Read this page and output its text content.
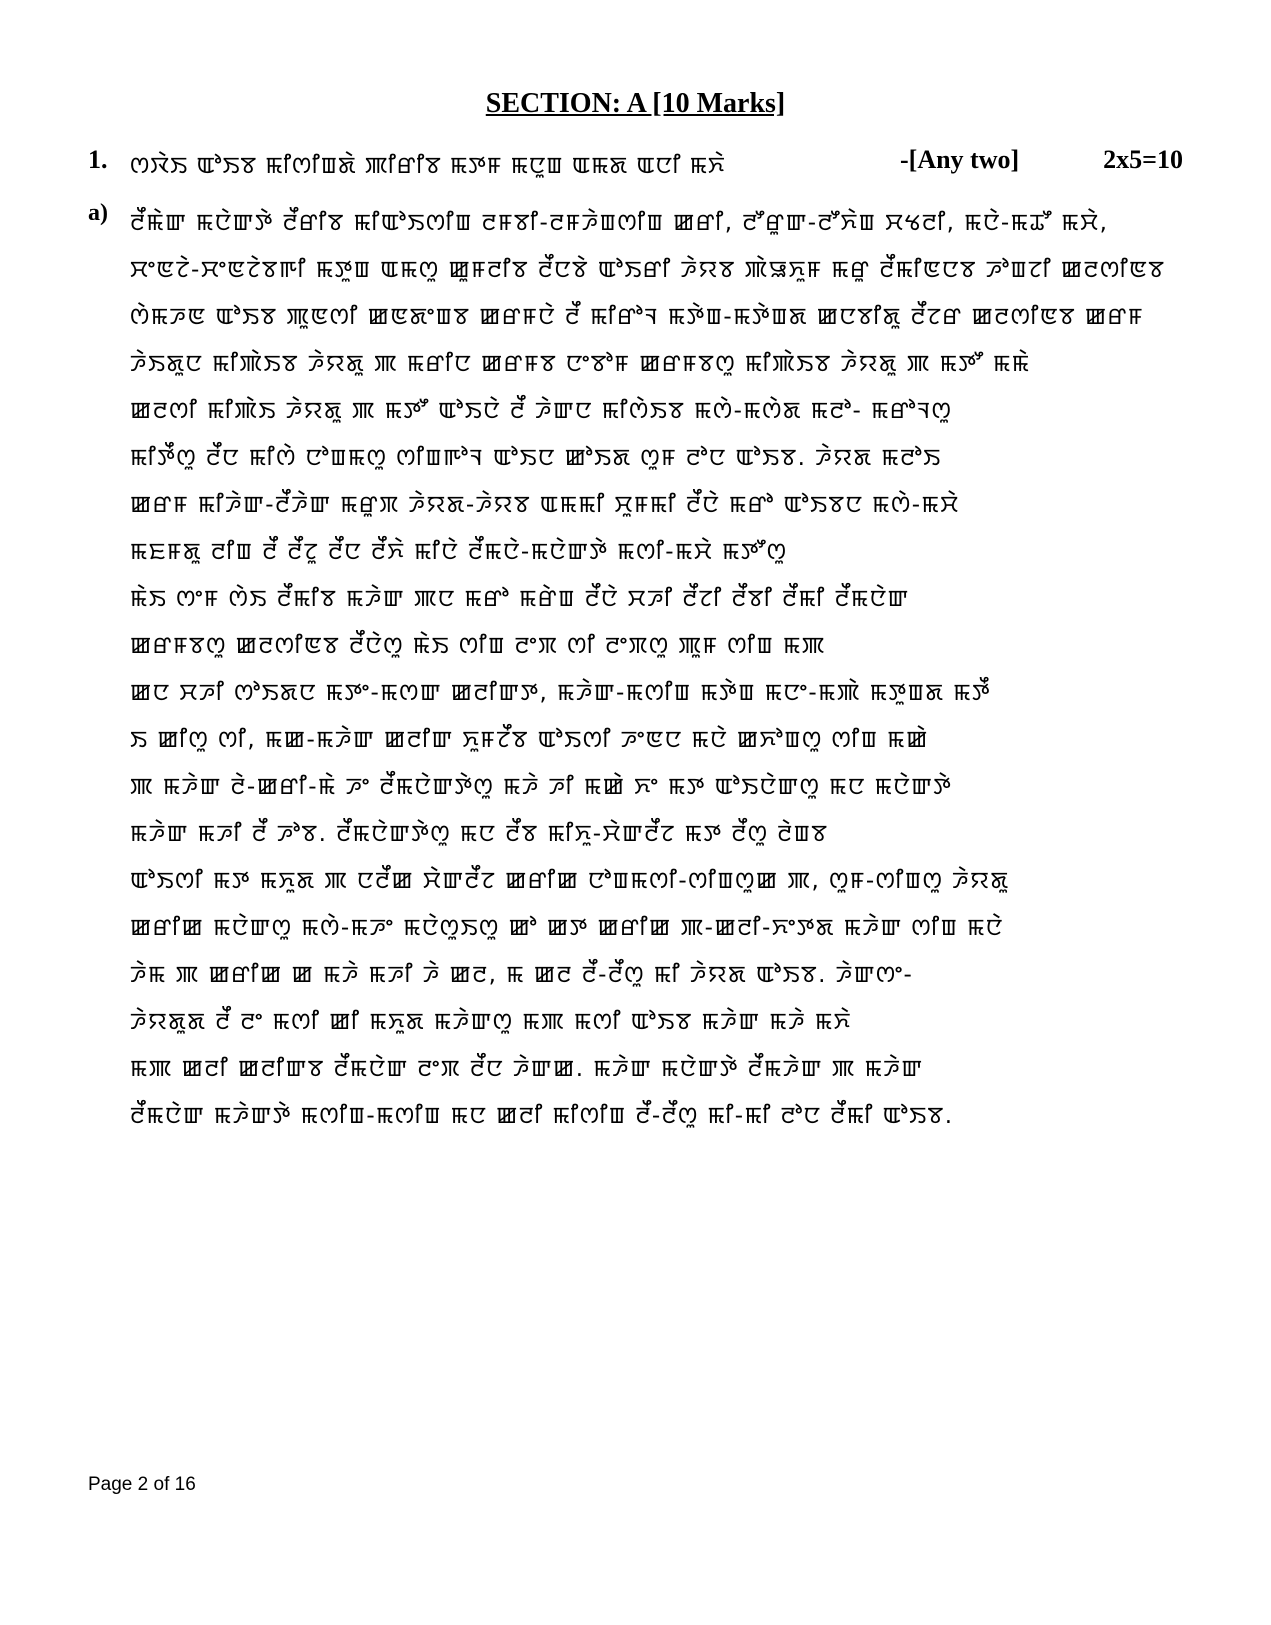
SECTION: A [10 Marks]
1. ꯁꯋꯥꯏ ꯑꯣꯏꯕ ꯃꯤꯁꯤꯡꯗꯥ ꯄꯤꯔꯤꯕ ꯃꯇꯝ ꯃꯅꯨꯡ ꯑꯃꯗ ꯑꯅꯤ ꯃꯈꯥ	-[Any two]	2x5=10
a) ꯂꯩꯃꯥꯛ ꯃꯅꯥꯛꯇꯥ ꯂꯩꯔꯤꯕ ꯃꯤꯑꯣꯏꯁꯤꯡ ꯂꯝꯕꯤ-ꯂꯝꯍꯥꯡꯁꯤꯡ ꯀꯔꯤ, ꯂꯧꯔꯨꯛ-ꯂꯧꯈꯥꯡ ꯆꯠꯂꯤ, ꯃꯅꯥ-ꯃꯊꯧ ꯃꯆꯥ,
ꯆꯦꯟꯖꯥ-ꯆꯦꯟꯖꯥꯕꯒꯤ ꯃꯇꯨꯡ ꯑꯃꯁꯨ ꯀꯨꯝꯂꯤꯕ ꯂꯩꯅꯕꯥ ꯑꯣꯏꯔꯤ ꯍꯥꯌꯕ ꯄꯥꯎꯈꯨꯝ ꯃꯔꯨ ꯂꯩꯃꯤꯟꯅꯕ ꯍꯣꯡꯖꯤ ꯀꯂꯁꯤꯟꯕ
ꯁꯥꯃꯍꯟ ꯑꯣꯏꯕ ꯄꯨꯟꯁꯤ ꯀꯟꯗꯦꯡꯕ ꯀꯔꯝꯅꯥ ꯂꯩ ꯃꯤꯔꯣꯜ ꯃꯇꯥꯡ-ꯃꯇꯥꯡꯗ ꯀꯅꯕꯤꯗꯨ ꯂꯩꯖꯔ ꯀꯂꯁꯤꯟꯕ ꯀꯔꯝ
ꯍꯥꯏꯗꯨꯅ ꯃꯤꯄꯥꯏꯕ ꯍꯥꯌꯗꯨ ꯄ ꯃꯔꯤꯅ ꯀꯔꯝꯕ ꯅꯦꯕꯣꯝ ꯀꯔꯝꯕꯁꯨ ꯃꯤꯄꯥꯏꯕ ꯍꯥꯌꯗꯨ ꯄ ꯃꯇꯧ ꯃꯃꯥ
ꯀꯂꯁꯤ ꯃꯤꯄꯥꯏ ꯍꯥꯌꯗꯨ ꯄ ꯃꯇꯧ ꯑꯣꯏꯅꯥ ꯂꯩ ꯍꯥꯛꯅ ꯃꯤꯁꯥꯏꯕ ꯃꯁꯥ-ꯃꯁꯥꯗ ꯃꯂꯣ- ꯃꯔꯣꯜꯁꯨ
ꯃꯤꯇꯩꯁꯨ ꯂꯩꯅ ꯃꯤꯁꯥ ꯅꯣꯡꯃꯁꯨ ꯁꯤꯡꯒꯣꯜ ꯑꯣꯏꯅ ꯀꯣꯏꯗ ꯁꯨꯝ ꯂꯣꯅ ꯑꯣꯏꯕ. ꯍꯥꯌꯗ ꯃꯂꯣꯏ
ꯀꯔꯝ ꯃꯤꯍꯥꯛ-ꯂꯩꯍꯥꯛ ꯃꯔꯨꯞ ꯍꯥꯌꯗ-ꯍꯥꯌꯕ ꯑꯃꯃꯤ ꯆꯨꯝꯃꯤ ꯂꯩꯅꯥ ꯃꯔꯣ ꯑꯣꯏꯕꯅ ꯃꯁꯥ-ꯃꯆꯥ
ꯃꯐꯝꯗꯨ ꯂꯤꯡ ꯂꯩ ꯂꯩꯖꯨ ꯂꯩꯅ ꯂꯩꯈꯥ ꯃꯤꯅꯥ ꯂꯩꯃꯅꯥ-ꯃꯅꯥꯛꯇꯥ ꯃꯁꯤ-ꯃꯆꯥ ꯃꯇꯧꯁꯨ
ꯃꯥꯏ ꯁꯦꯝ ꯁꯥꯏ ꯂꯩꯃꯤꯕ ꯃꯍꯥꯛ ꯄꯅ ꯃꯔꯣ ꯃꯔꯥꯡ ꯂꯩꯅꯥ ꯆꯍꯤ ꯂꯩꯖꯤ ꯂꯩꯕꯤ ꯂꯩꯃꯤ ꯂꯩꯃꯅꯥꯛ
ꯀꯔꯝꯕꯁꯨ ꯀꯂꯁꯤꯟꯕ ꯂꯩꯅꯥꯁꯨ ꯃꯥꯏ ꯁꯤꯡ ꯂꯦꯞ ꯁꯤ ꯂꯦꯞꯁꯨ ꯄꯨꯝ ꯁꯤꯡ ꯃꯄ
ꯀꯅ ꯆꯍꯤ ꯁꯣꯏꯗꯅ ꯃꯇꯦ-ꯃꯁꯛ ꯀꯂꯤꯛꯇ, ꯃꯍꯥꯛ-ꯃꯁꯤꯡ ꯃꯇꯥꯡ ꯃꯅꯦ-ꯃꯄꯥ ꯃꯇꯨꯡꯗ ꯃꯇꯩ
ꯏ ꯀꯤꯁꯨ ꯁꯤ, ꯃꯀ-ꯃꯍꯥꯛ ꯀꯂꯤꯛ ꯈꯨꯝꯖꯩꯕ ꯑꯣꯏꯁꯤ ꯍꯦꯟꯅ ꯃꯅꯥ ꯀꯈꯣꯡꯁꯨ ꯁꯤꯡ ꯃꯀꯥ
ꯄ ꯃꯍꯥꯛ ꯂꯥ-ꯀꯔꯤ-ꯃꯥ ꯍꯦ ꯂꯩꯃꯅꯥꯛꯇꯥꯁꯨ ꯃꯍꯥ ꯍꯤ ꯃꯀꯥ ꯈꯦ ꯃꯇ ꯑꯣꯏꯅꯥꯛꯁꯨ ꯃꯅ ꯃꯅꯥꯛꯇꯥ
ꯃꯍꯥꯛ ꯃꯍꯤ ꯂꯩ ꯍꯣꯕ. ꯂꯩꯃꯅꯥꯛꯇꯥꯁꯨ ꯃꯅ ꯂꯩꯕ ꯃꯤꯈꯨ-ꯆꯥꯛꯂꯩꯖ ꯃꯇ ꯂꯩꯁꯨ ꯂꯥꯡꯕ
ꯑꯣꯏꯁꯤ ꯃꯇ ꯃꯈꯨꯗ ꯄ ꯅꯂꯩꯀ ꯆꯥꯛꯂꯩꯖ ꯀꯔꯤꯀ ꯅꯣꯡꯃꯁꯤ-ꯁꯤꯡꯁꯨꯀ ꯄ, ꯁꯨꯝ-ꯁꯤꯡꯁꯨ ꯍꯥꯌꯗꯨ
ꯀꯔꯤꯀ ꯃꯅꯥꯛꯁꯨ ꯃꯁꯥ-ꯃꯍꯦ ꯃꯅꯥꯁꯨꯏꯁꯨ ꯀꯣ ꯀꯇ ꯀꯔꯤꯀ ꯄ-ꯀꯂꯤ-ꯈꯦꯇꯗ ꯃꯍꯥꯛ ꯁꯤꯡ ꯃꯅꯥ
ꯍꯥꯃ ꯄ ꯀꯔꯤꯀ ꯀ ꯃꯍꯥ ꯃꯍꯤ ꯍꯥ ꯀꯂ, ꯃ ꯀꯂ ꯂꯩ-ꯂꯩꯁꯨ ꯃꯤ ꯍꯥꯌꯗ ꯑꯣꯏꯕ. ꯍꯥꯛꯁꯦ-
ꯍꯥꯌꯗꯨꯗ ꯂꯩ ꯂꯦ ꯃꯁꯤ ꯀꯤ ꯃꯈꯨꯗ ꯃꯍꯥꯛꯁꯨ ꯃꯄ ꯃꯁꯤ ꯑꯣꯏꯕ ꯃꯍꯥꯛ ꯃꯍꯥ ꯃꯈꯥ
ꯃꯄ ꯀꯂꯤ ꯀꯂꯤꯛꯕ ꯂꯩꯃꯅꯥꯛ ꯂꯦꯞ ꯂꯩꯅ ꯍꯥꯛꯀ. ꯃꯍꯥꯛ ꯃꯅꯥꯛꯇꯥ ꯂꯩꯃꯍꯥꯛ ꯄ ꯃꯍꯥꯛ
ꯂꯩꯃꯅꯥꯛ ꯃꯍꯥꯛꯇꯥ ꯃꯁꯤꯡ-ꯃꯁꯤꯡ ꯃꯅ ꯀꯂꯤ ꯃꯤꯁꯤꯡ ꯂꯩ-ꯂꯩꯁꯨ ꯃꯤ-ꯃꯤ ꯂꯣꯅ ꯂꯩꯃꯤ ꯑꯣꯏꯕ.

Page 2 of 16
